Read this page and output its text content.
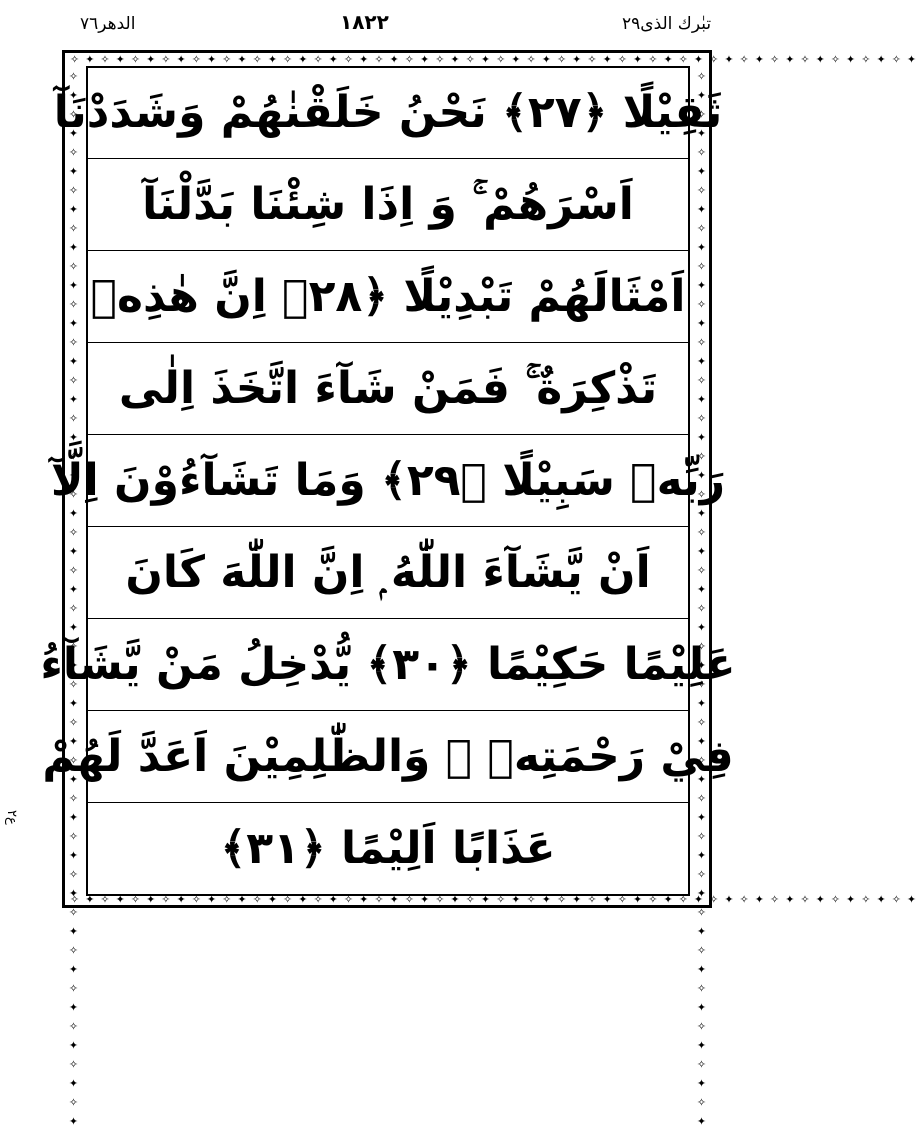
الدھر٧٦	١٨٢٢	تبٰرك الذی٢٩
✧✦✧✦✧✦✧✦✧✦✧✦✧✦✧✦✧✦✧✦✧✦✧✦✧✦✧✦✧✦✧✦✧✦✧✦✧✦✧✦✧✦✧✦✧✦✧✦✧✦✧✦✧✦✧✦
✧✦✧✦✧✦✧✦✧✦✧✦✧✦✧✦✧✦✧✦✧✦✧✦✧✦✧✦✧✦✧✦✧✦✧✦✧✦✧✦✧✦✧✦✧✦✧✦✧✦✧✦✧✦✧✦
✧✦✧✦✧✦✧✦✧✦✧✦✧✦✧✦✧✦✧✦✧✦✧✦✧✦✧✦✧✦✧✦✧✦✧✦✧✦✧✦✧✦✧✦✧✦✧✦✧✦✧✦✧✦✧✦	✧✦✧✦✧✦✧✦✧✦✧✦✧✦✧✦✧✦✧✦✧✦✧✦✧✦✧✦✧✦✧✦✧✦✧✦✧✦✧✦✧✦✧✦✧✦✧✦✧✦✧✦✧✦✧✦
ثَقِيْلًا ﴿٢٧﴾ نَحْنُ خَلَقْنٰهُمْ وَشَدَدْنَآ
اَسْرَهُمْ ۚ وَ اِذَا شِئْنَا بَدَّلْنَآ
اَمْثَالَهُمْ تَبْدِيْلًا ﴿٢٨﴾ اِنَّ هٰذِهٖ
تَذْكِرَةٌ ۚ فَمَنْ شَآءَ اتَّخَذَ اِلٰى
رَبِّهٖ سَبِيْلًا ﴿٢٩﴾ وَمَا تَشَآءُوْنَ اِلَّآ
اَنْ يَّشَآءَ اللّٰهُ ۭ اِنَّ اللّٰهَ كَانَ
عَلِيْمًا حَكِيْمًا ﴿٣٠﴾ يُّدْخِلُ مَنْ يَّشَآءُ
فِيْ رَحْمَتِهٖ ۭ وَالظّٰلِمِيْنَ اَعَدَّ لَهُمْ
عَذَابًا اَلِيْمًا ﴿٣١﴾
ع٢
